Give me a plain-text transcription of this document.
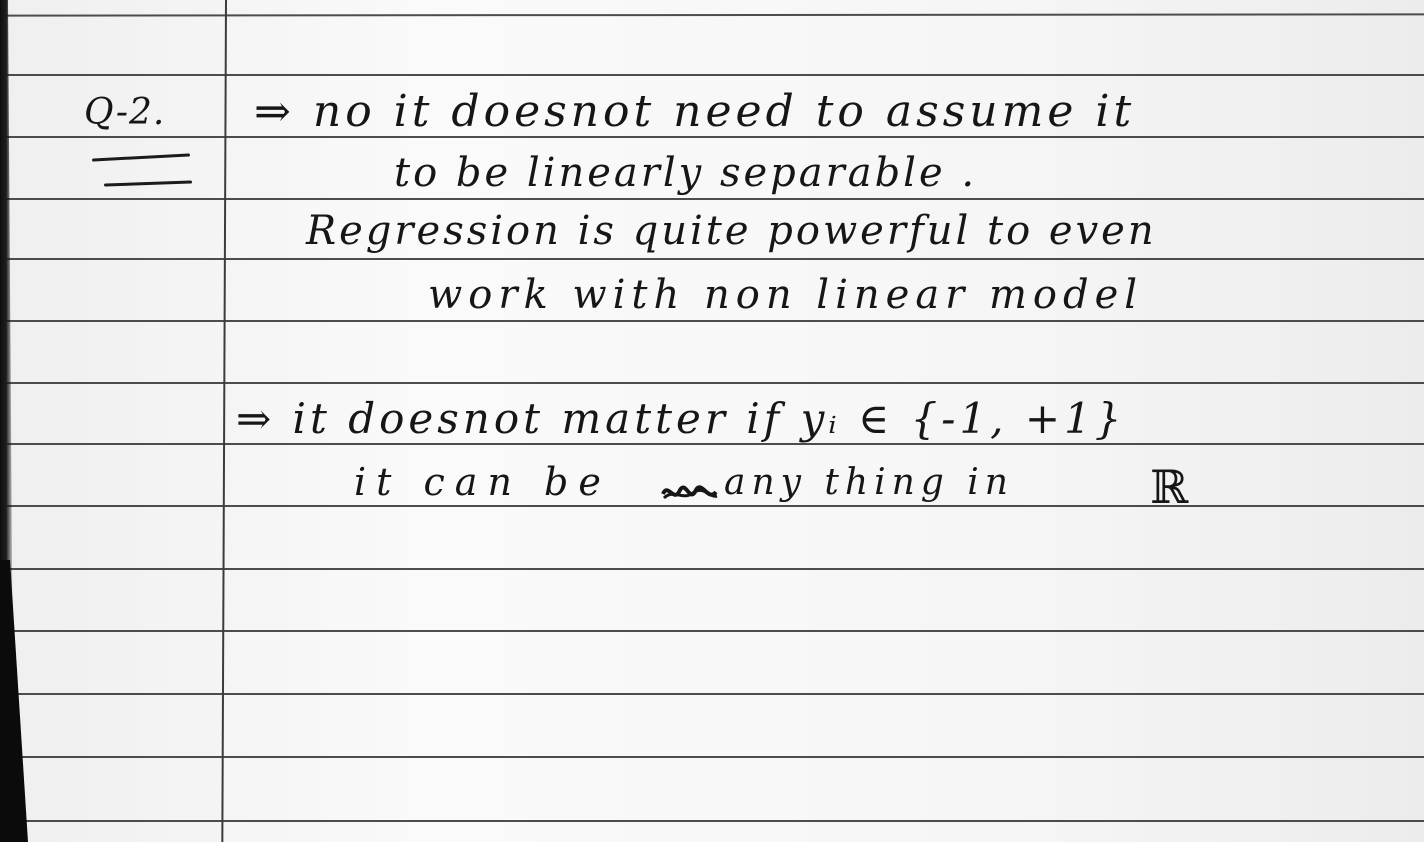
Q-2. ⇒ no it doesnot need to assume it
to be linearly separable .
Regression is quite powerful to even
work with non linear model
⇒ it doesnot matter if yᵢ ∈ {-1, +1}
it can be	any thing in	ℝ
